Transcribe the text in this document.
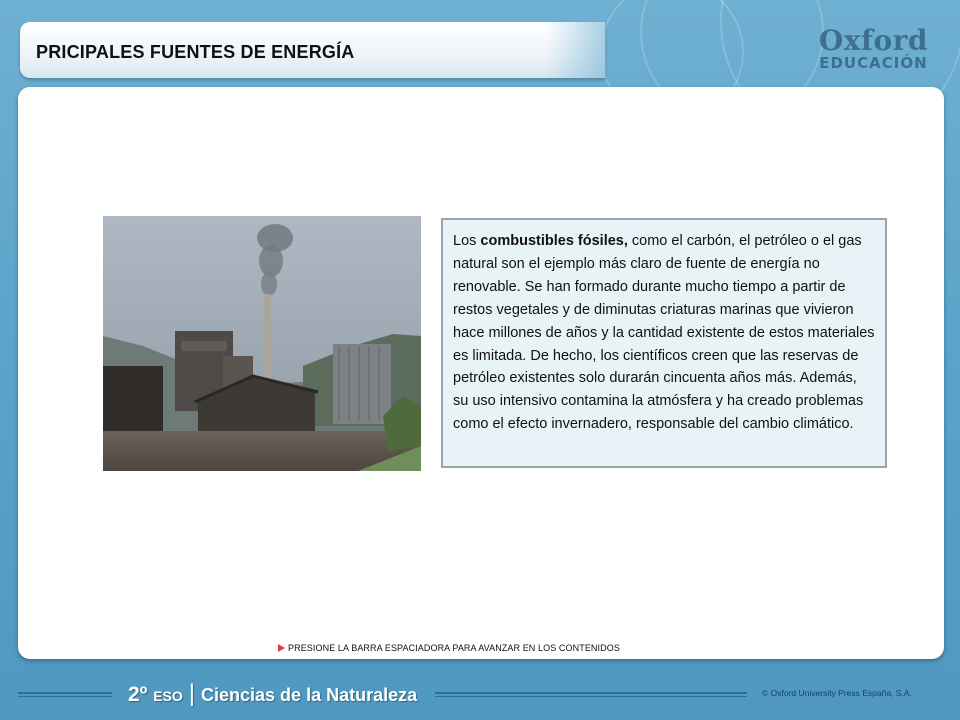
PRICIPALES FUENTES DE ENERGÍA	Oxford
EDUCACIÓN
Los combustibles fósiles, como el carbón, el petróleo o el gas natural son el ejemplo más claro de fuente de energía no renovable. Se han formado durante mucho tiempo a partir de restos vegetales y de diminutas criaturas marinas que vivieron hace millones de años y la cantidad existente de estos materiales es limitada. De hecho, los científicos creen que las reservas de petróleo existentes solo durarán cincuenta años más. Además, su uso intensivo contamina la atmósfera y ha creado problemas como el efecto invernadero, responsable del cambio climático.
PRESIONE LA BARRA ESPACIADORA PARA AVANZAR EN LOS CONTENIDOS
2º ESO | Ciencias de la Naturaleza	© Oxford University Press España, S.A.
